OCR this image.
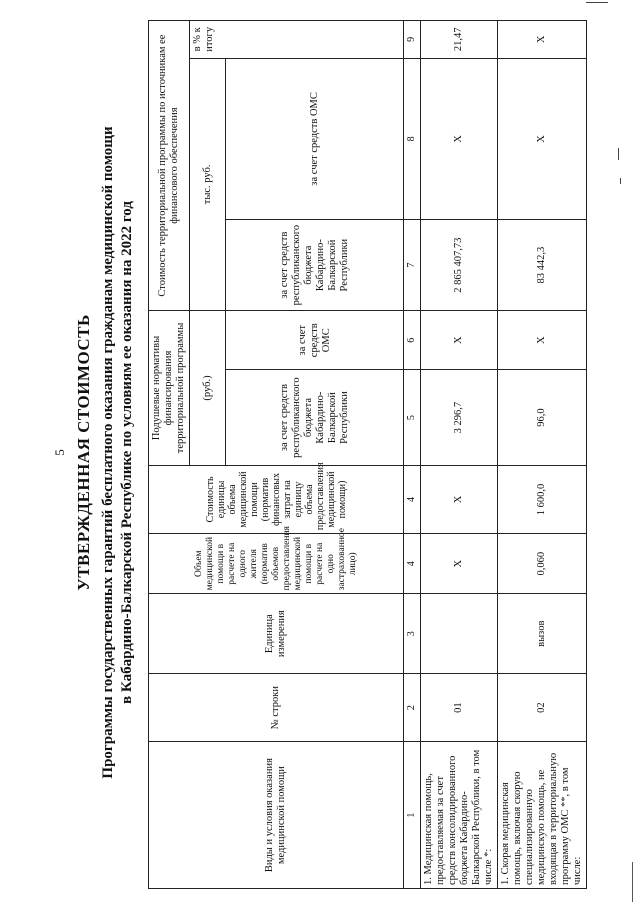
5 УТВЕРЖДЕННАЯ СТОИМОСТЬ Программы государственных гарантий бесплатного оказания гражданам медицинской помощи в Кабардино-Балкарской Республике по условиям ее оказания на 2022 год
Виды и условия оказания медицинской помощи	№ строки	Единица измерения	Объем медицинской помощи в расчете на одного жителя (норматив объемов предоставления медицинской помощи в расчете на одно застрахованное лицо)	Стоимость единицы объема медицинской помощи (норматив финансовых затрат на единицу объема предоставления медицинской помощи)	Подушевые нормативы финансирования территориальной программы		Стоимость территориальной программы по источникам ее финансового обеспечения		
					(руб.)		тыс. руб.		в % к итогу
					за счет средств республиканского бюджета Кабардино-Балкарской Республики	за счет средств ОМС	за счет средств республиканского бюджета Кабардино-Балкарской Республики	за счет средств ОМС	

1	2	3	4	4	5	6	7	8	9
1. Медицинская помощь, предоставляемая за счет средств консолидированного бюджета Кабардино-Балкарской Республики, в том числе *:	01		X	X	3 296,7	X	2 865 407,73	X	21,47
1. Скорая медицинская помощь, включая скорую специализированную медицинскую помощь, не входящая в территориальную программу ОМС **, в том числе:	02	вызов	0,060	1 600,0	96,0	X	83 442,3	X	X
